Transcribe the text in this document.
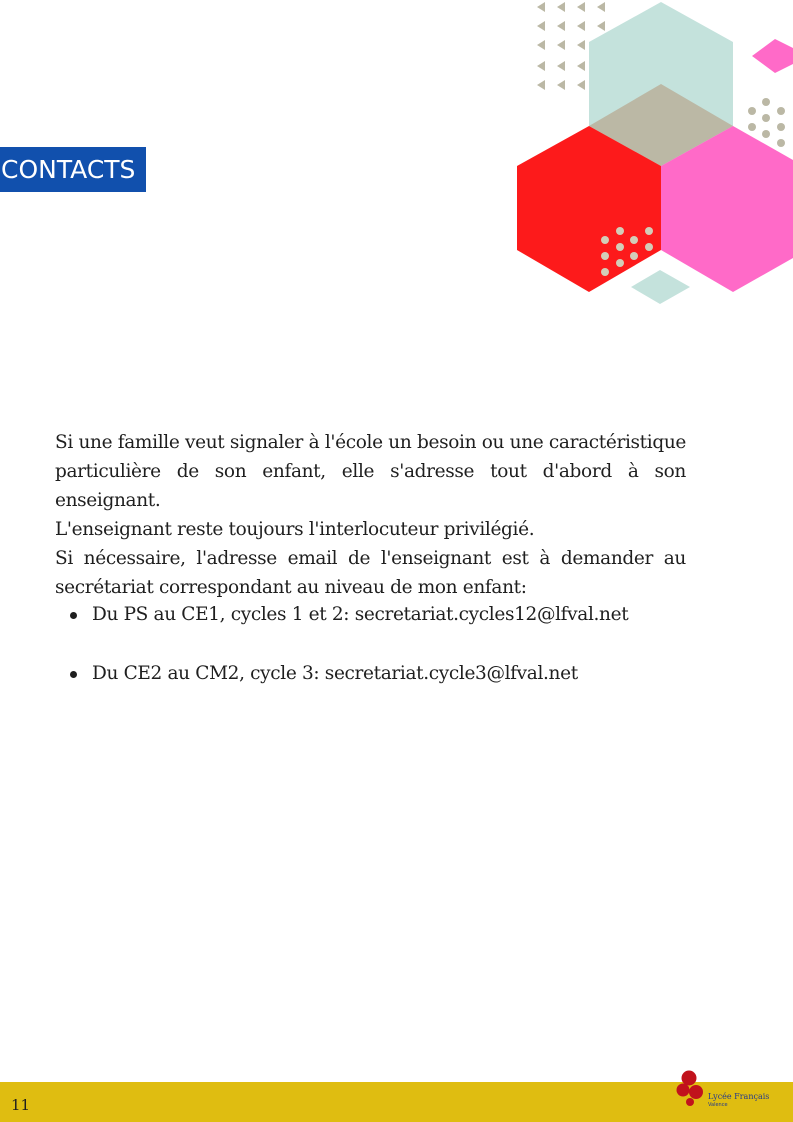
CONTACTS

Si une famille veut signaler à l'école un besoin ou une caractéristique particulière de son enfant, elle s'adresse tout d'abord à son enseignant.

L'enseignant reste toujours l'interlocuteur privilégié.

Si nécessaire, l'adresse email de l'enseignant est à demander au secrétariat correspondant au niveau de mon enfant:

Du PS au CE1, cycles 1 et 2: secretariat.cycles12@lfval.net
Du CE2 au CM2, cycle 3: secretariat.cycle3@lfval.net
11	Lycée Français
Valence
